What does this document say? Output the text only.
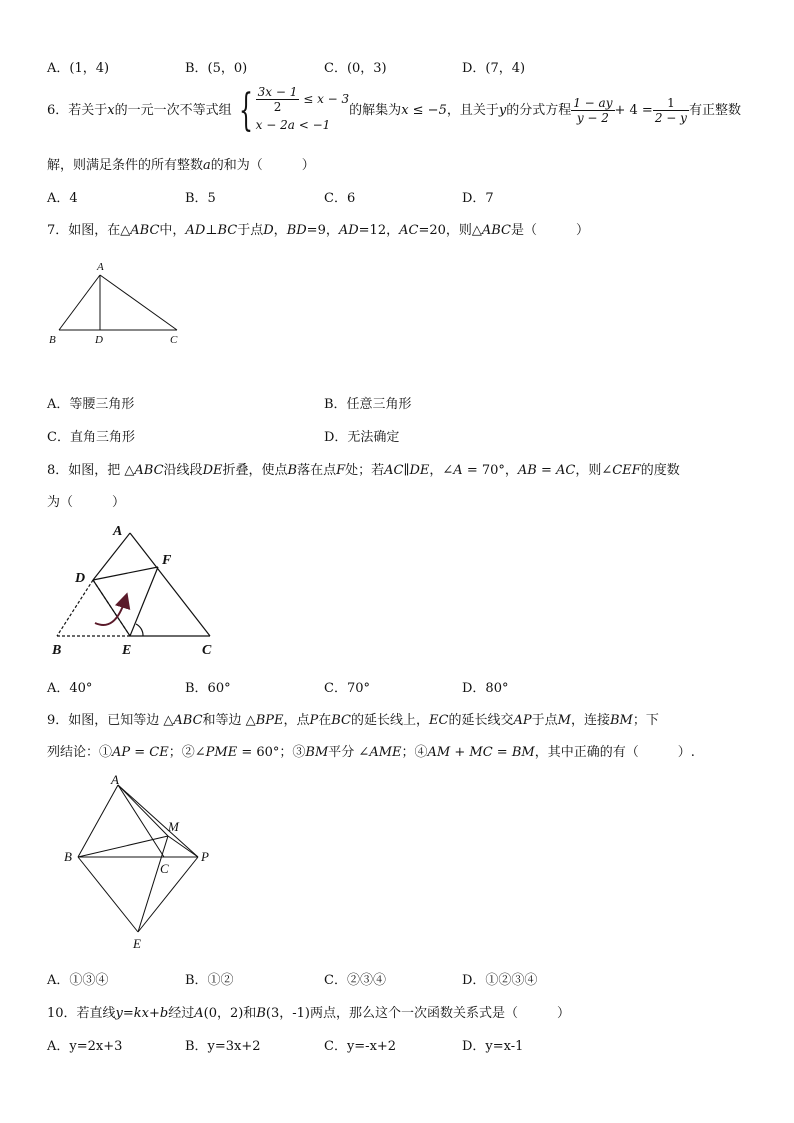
A．(1，4)	B．(5，0)	C．(0，3)	D．(7，4)
6．若关于x的一元一次不等式组 { $\frac{3x - 1}{2} \le x - 3$
x − 2a < −1
的解集为x ≤ −5，且关于y的分式方程 $\frac{1 - ay}{y - 2} + 4 = \frac{1}{2 - y}$ 有正整数
解，则满足条件的所有整数a的和为（　　　）
A．4	B．5	C．6	D．7
7．如图，在△ABC中，AD⊥BC于点D，BD=9，AD=12，AC=20，则△ABC是（　　　）
A
B	D	C
A．等腰三角形	B．任意三角形
C．直角三角形	D．无法确定
8．如图，把 △ABC沿线段DE折叠，使点B落在点F处；若AC∥DE，∠A = 70°，AB = AC，则∠CEF的度数
为（　　　）
A
D
F
B	E	C
A．40°	B．60°	C．70°	D．80°
9．如图，已知等边 △ABC和等边 △BPE，点P在BC的延长线上，EC的延长线交AP于点M，连接BM；下
列结论：①AP = CE；②∠PME = 60°；③BM平分 ∠AME；④AM + MC = BM，其中正确的有（　　　）.
A
M
B
C
P
E
A．①③④	B．①②	C．②③④	D．①②③④
10．若直线y=kx+b经过A(0，2)和B(3，-1)两点，那么这个一次函数关系式是（　　　）
A．y=2x+3	B．y=3x+2	C．y=-x+2	D．y=x-1
